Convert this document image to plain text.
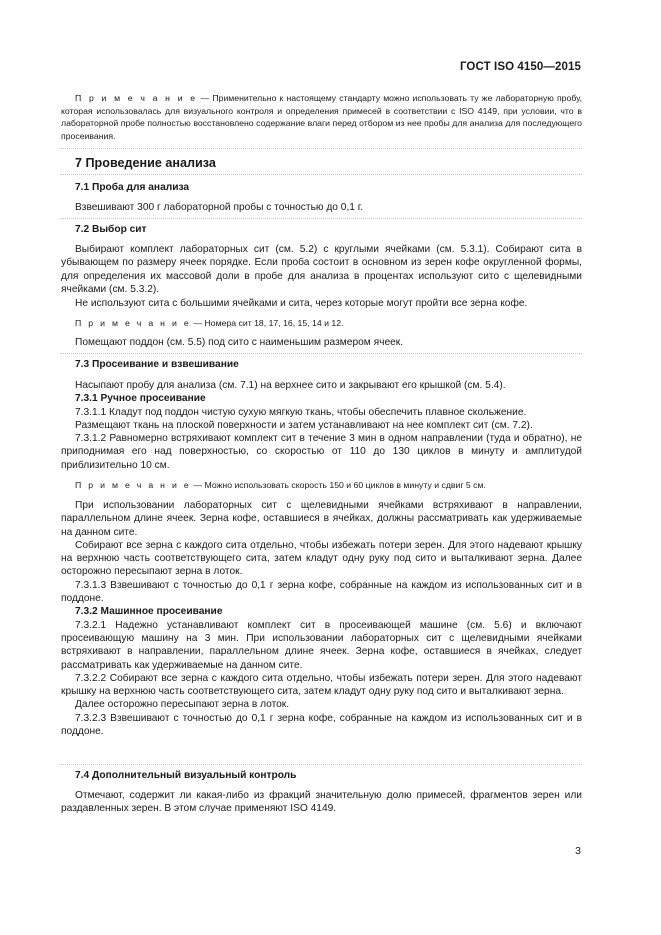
ГОСТ ISO 4150—2015

П р и м е ч а н и е — Применительно к настоящему стандарту можно использовать ту же лабораторную пробу, которая использовалась для визуального контроля и определения примесей в соответствии с ISO 4149, при условии, что в лабораторной пробе полностью восстановлено содержание влаги перед отбором из нее пробы для анализа для последующего просеивания.

7 Проведение анализа
7.1 Проба для анализа

Взвешивают 300 г лабораторной пробы с точностью до 0,1 г.

7.2 Выбор сит

Выбирают комплект лабораторных сит (см. 5.2) с круглыми ячейками (см. 5.3.1). Собирают сита в убывающем по размеру ячеек порядке. Если проба состоит в основном из зерен кофе округленной формы, для определения их массовой доли в пробе для анализа в процентах используют сито с щелевидными ячейками (см. 5.3.2).

Не используют сита с большими ячейками и сита, через которые могут пройти все зерна кофе.

П р и м е ч а н и е — Номера сит 18, 17, 16, 15, 14 и 12.

Помещают поддон (см. 5.5) под сито с наименьшим размером ячеек.

7.3 Просеивание и взвешивание

Насыпают пробу для анализа (см. 7.1) на верхнее сито и закрывают его крышкой (см. 5.4).

7.3.1 Ручное просеивание

7.3.1.1 Кладут под поддон чистую сухую мягкую ткань, чтобы обеспечить плавное скольжение.

Размещают ткань на плоской поверхности и затем устанавливают на нее комплект сит (см. 7.2).

7.3.1.2 Равномерно встряхивают комплект сит в течение 3 мин в одном направлении (туда и обратно), не приподнимая его над поверхностью, со скоростью от 110 до 130 циклов в минуту и амплитудой приблизительно 10 см.

П р и м е ч а н и е — Можно использовать скорость 150 и 60 циклов в минуту и сдвиг 5 см.

При использовании лабораторных сит с щелевидными ячейками встряхивают в направлении, параллельном длине ячеек. Зерна кофе, оставшиеся в ячейках, должны рассматривать как удерживаемые на данном сите.

Собирают все зерна с каждого сита отдельно, чтобы избежать потери зерен. Для этого надевают крышку на верхнюю часть соответствующего сита, затем кладут одну руку под сито и выталкивают зерна. Далее осторожно пересыпают зерна в лоток.

7.3.1.3 Взвешивают с точностью до 0,1 г зерна кофе, собранные на каждом из использованных сит и в поддоне.

7.3.2 Машинное просеивание

7.3.2.1 Надежно устанавливают комплект сит в просеивающей машине (см. 5.6) и включают просеивающую машину на 3 мин. При использовании лабораторных сит с щелевидными ячейками встряхивают в направлении, параллельном длине ячеек. Зерна кофе, оставшиеся в ячейках, следует рассматривать как удерживаемые на данном сите.

7.3.2.2 Собирают все зерна с каждого сита отдельно, чтобы избежать потери зерен. Для этого надевают крышку на верхнюю часть соответствующего сита, затем кладут одну руку под сито и выталкивают зерна.

Далее осторожно пересыпают зерна в лоток.

7.3.2.3 Взвешивают с точностью до 0,1 г зерна кофе, собранные на каждом из использованных сит и в поддоне.

7.4 Дополнительный визуальный контроль

Отмечают, содержит ли какая-либо из фракций значительную долю примесей, фрагментов зерен или раздавленных зерен. В этом случае применяют ISO 4149.

3
